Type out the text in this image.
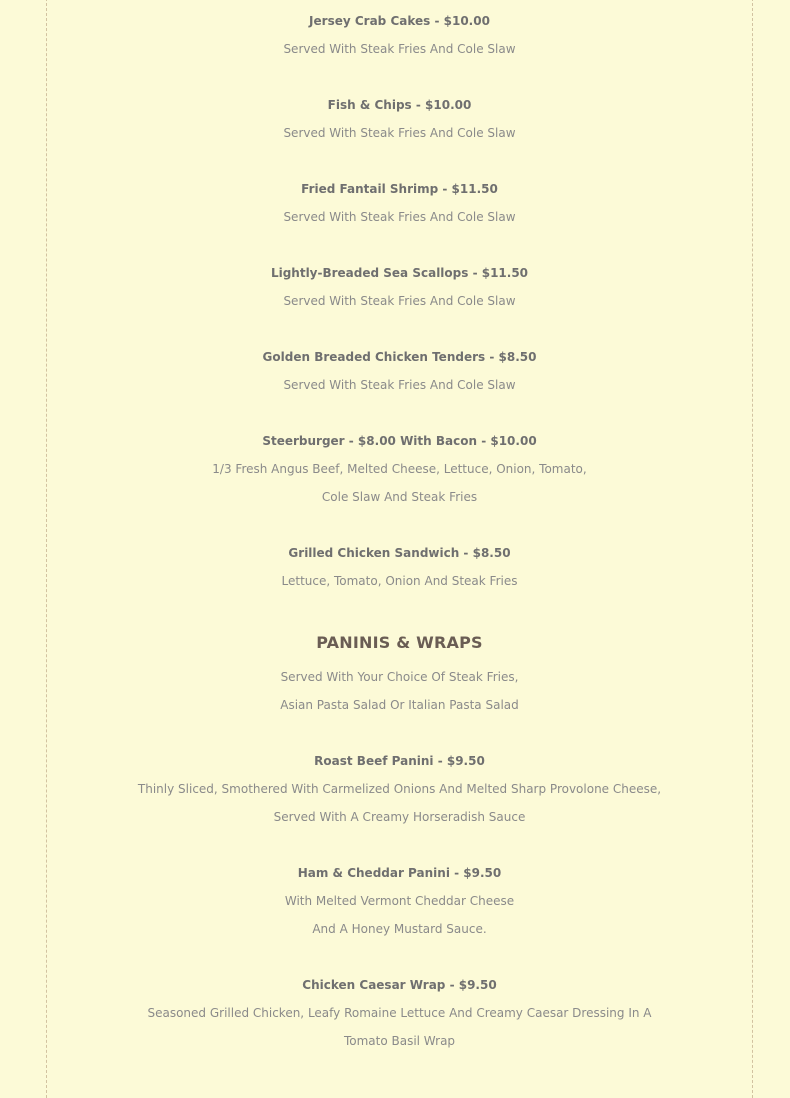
Jersey Crab Cakes - $10.00
Served With Steak Fries And Cole Slaw
Fish & Chips - $10.00
Served With Steak Fries And Cole Slaw
Fried Fantail Shrimp - $11.50
Served With Steak Fries And Cole Slaw
Lightly-Breaded Sea Scallops - $11.50
Served With Steak Fries And Cole Slaw
Golden Breaded Chicken Tenders - $8.50
Served With Steak Fries And Cole Slaw
Steerburger - $8.00 With Bacon - $10.00
1/3 Fresh Angus Beef, Melted Cheese, Lettuce, Onion, Tomato,
Cole Slaw And Steak Fries
Grilled Chicken Sandwich - $8.50
Lettuce, Tomato, Onion And Steak Fries
PANINIS & WRAPS
Served With Your Choice Of Steak Fries,
Asian Pasta Salad Or Italian Pasta Salad
Roast Beef Panini - $9.50
Thinly Sliced, Smothered With Carmelized Onions And Melted Sharp Provolone Cheese,
Served With A Creamy Horseradish Sauce
Ham & Cheddar Panini - $9.50
With Melted Vermont Cheddar Cheese
And A Honey Mustard Sauce.
Chicken Caesar Wrap - $9.50
Seasoned Grilled Chicken, Leafy Romaine Lettuce And Creamy Caesar Dressing In A
Tomato Basil Wrap
